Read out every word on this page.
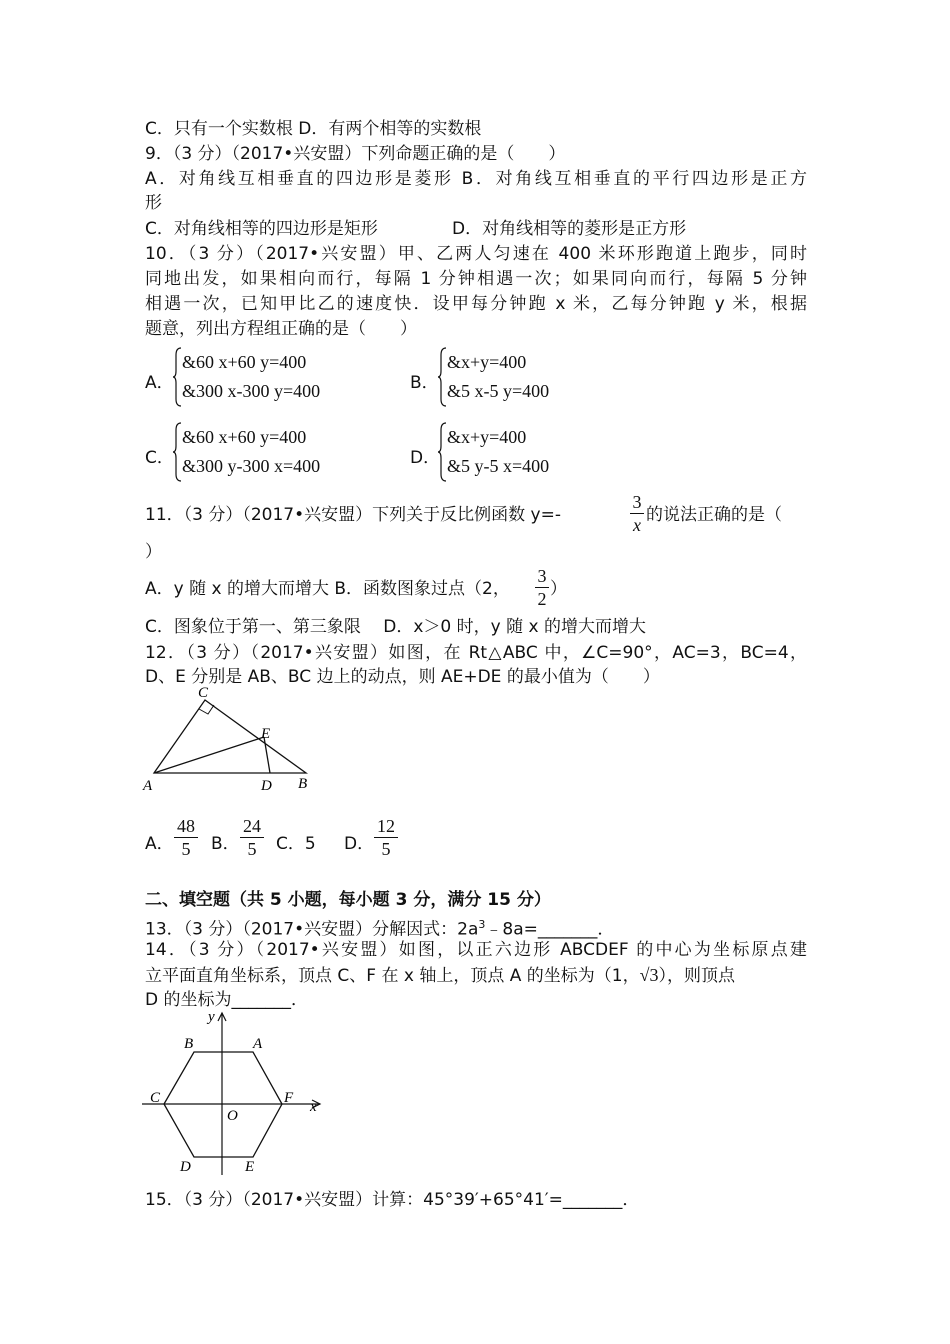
C．只有一个实数根 D．有两个相等的实数根
9．（3 分）（2017•兴安盟）下列命题正确的是（　　）
A．对角线互相垂直的四边形是菱形 B．对角线互相垂直的平行四边形是正方
形
C．对角线相等的四边形是矩形	D．对角线相等的菱形是正方形
10．（3 分）（2017•兴安盟）甲、乙两人匀速在 400 米环形跑道上跑步，同时
同地出发，如果相向而行，每隔 1 分钟相遇一次；如果同向而行，每隔 5 分钟
相遇一次，已知甲比乙的速度快．设甲每分钟跑 x 米，乙每分钟跑 y 米，根据
题意，列出方程组正确的是（　　）
A．
&60 x+60 y=400
&300 x-300 y=400	B．
&x+y=400
&5 x-5 y=400
C．
&60 x+60 y=400
&300 y-300 x=400	D．
&x+y=400
&5 y-5 x=400
11．（3 分）（2017•兴安盟）下列关于反比例函数 y=-
3
x 的说法正确的是（
）
A．y 随 x 的增大而增大 B．函数图象过点（2，
3
2 ）
C．图象位于第一、第三象限　 D．x＞0 时，y 随 x 的增大而增大
12．（3 分）（2017•兴安盟）如图，在 Rt△ABC 中，∠C=90°，AC=3，BC=4，
D、E 分别是 AB、BC 边上的动点，则 AE+DE 的最小值为（　　）
C
E
A	D B
A．
48
5	B．
24
5	C．5 D．
12
5
二、填空题（共 5 小题，每小题 3 分，满分 15 分）
13．（3 分）（2017•兴安盟）分解因式：$2a^3﹣8a=\_\_\_\_\_\_\_$．
14．（3 分）（2017•兴安盟）如图，以正六边形 ABCDEF 的中心为坐标原点建
立平面直角坐标系，顶点 C、F 在 x 轴上，顶点 A 的坐标为（1，√3），则顶点
D 的坐标为_______．
A
B
C
D	E
F
O
x
y
15．（3 分）（2017•兴安盟）计算：45°39′+65°41′=_______．
